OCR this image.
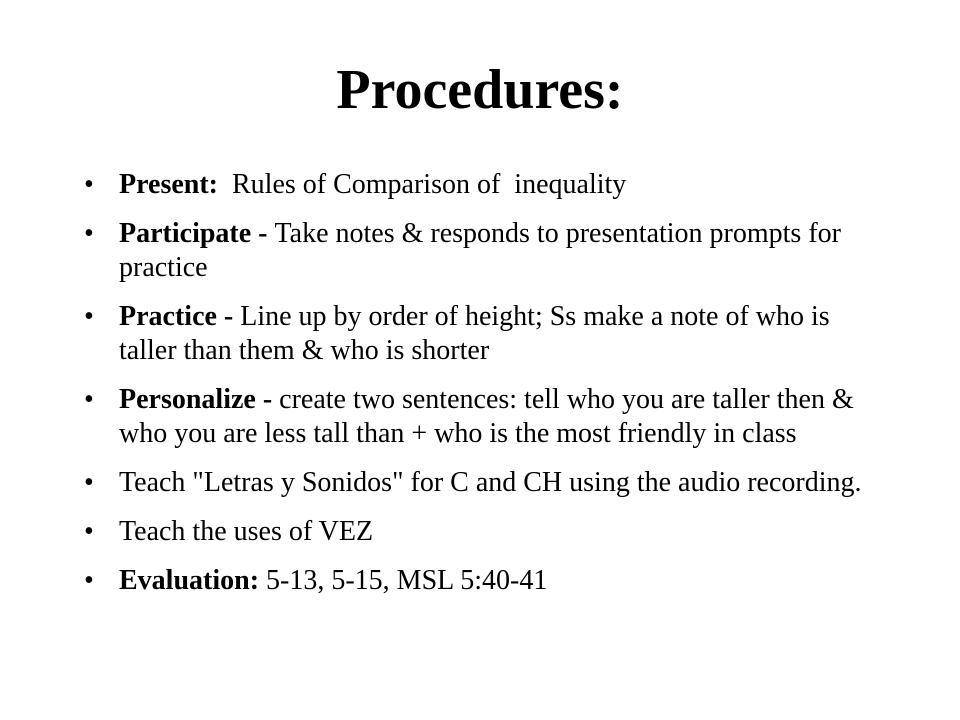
Procedures:
• Present:  Rules of Comparison of  inequality
• Participate - Take notes & responds to presentation prompts for practice
• Practice - Line up by order of height; Ss make a note of who is taller than them & who is shorter
• Personalize - create two sentences: tell who you are taller then & who you are less tall than + who is the most friendly in class
• Teach "Letras y Sonidos" for C and CH using the audio recording.
• Teach the uses of VEZ
• Evaluation: 5-13, 5-15, MSL 5:40-41
